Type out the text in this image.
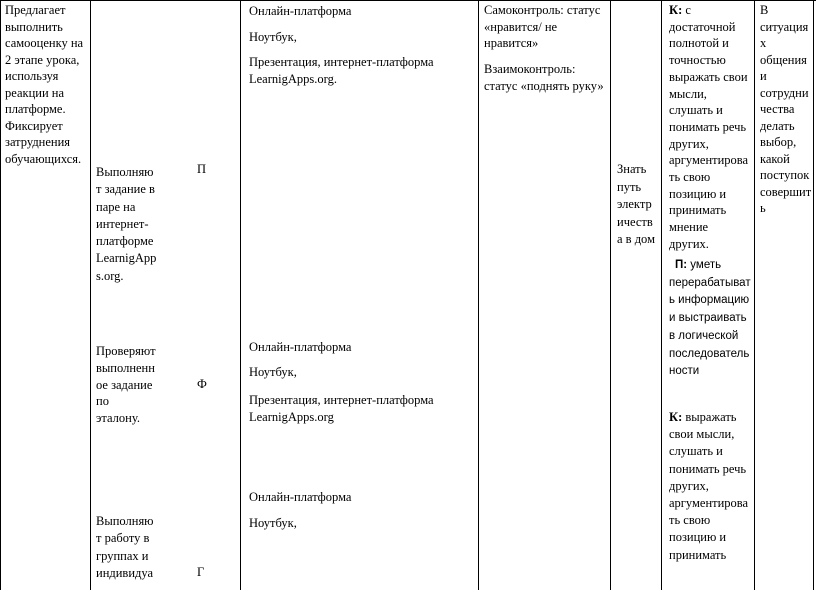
Предлагает
выполнить
самооценку на
2 этапе урока,
используя
реакции на
платформе.
Фиксирует
затруднения
обучающихся.

Выполняю
т задание в
паре на
интернет-
платформе
LearnigApp
s.org.

Проверяют
выполненн
ое задание
по
эталону.

Выполняю
т работу в
группах и
индивидуа

П

Ф

Г

Онлайн-платформа

Ноутбук,

Презентация, интернет-платформа
LearnigApps.org.

Онлайн-платформа

Ноутбук,

Презентация, интернет-платформа
LearnigApps.org

Онлайн-платформа

Ноутбук,

Самоконтроль: статус
«нравится/ не
нравится»

Взаимоконтроль:
статус «поднять руку»

Знать
путь
электр
ичеств
а в дом

К: с
достаточной
полнотой и
точностью
выражать свои
мысли,
слушать и
понимать речь
других,
аргументирова
ть свою
позицию и
принимать
мнение
других.

П: уметь
перерабатыват
ь информацию
и выстраивать
в логической
последователь
ности

К: выражать
свои мысли,
слушать и
понимать речь
других,
аргументирова
ть свою
позицию и
принимать

В
ситуация
х
общения
и
сотрудни
чества
делать
выбор,
какой
поступок
совершит
ь
